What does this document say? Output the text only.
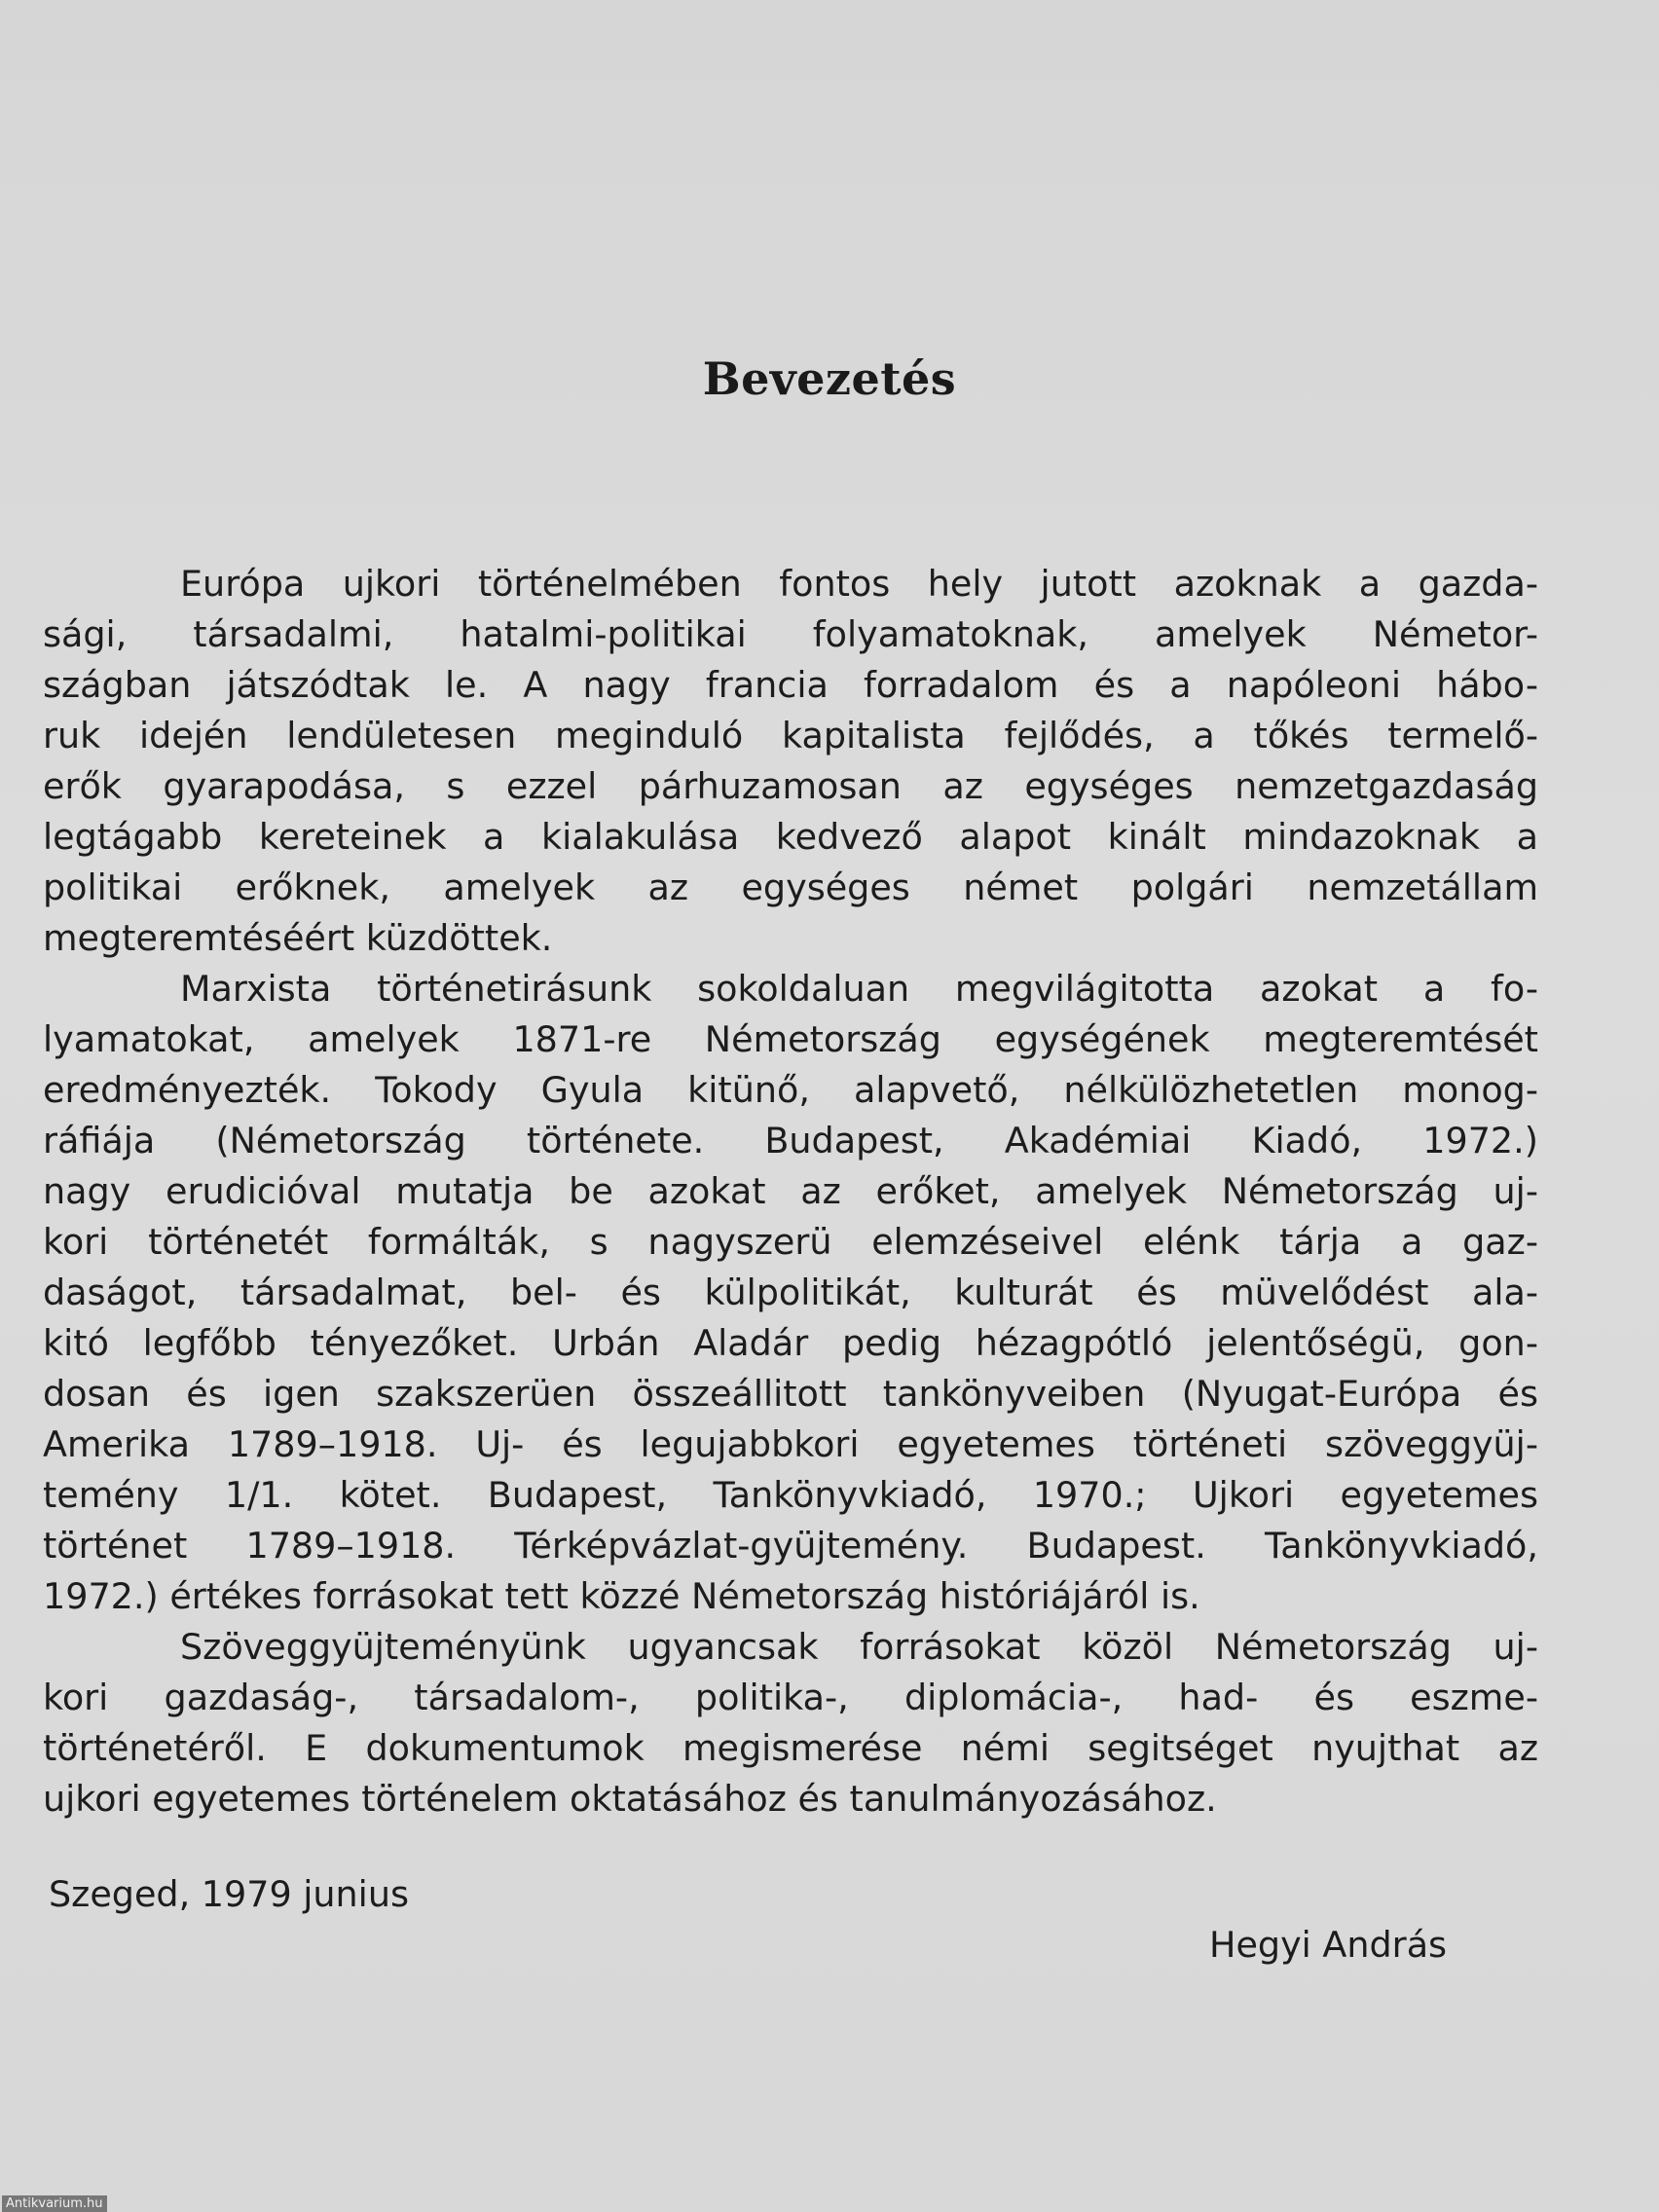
Bevezetés
Európa ujkori történelmében fontos hely jutott azoknak a gazda-
sági, társadalmi, hatalmi-politikai folyamatoknak, amelyek Németor-
szágban játszódtak le. A nagy francia forradalom és a napóleoni hábo-
ruk idején lendületesen meginduló kapitalista fejlődés, a tőkés termelő-
erők gyarapodása, s ezzel párhuzamosan az egységes nemzetgazdaság
legtágabb kereteinek a kialakulása kedvező alapot kinált mindazoknak a
politikai erőknek, amelyek az egységes német polgári nemzetállam
megteremtéséért küzdöttek.
Marxista történetirásunk sokoldaluan megvilágitotta azokat a fo-
lyamatokat, amelyek 1871-re Németország egységének megteremtését
eredményezték. Tokody Gyula kitünő, alapvető, nélkülözhetetlen monog-
ráfiája (Németország története. Budapest, Akadémiai Kiadó, 1972.)
nagy erudicióval mutatja be azokat az erőket, amelyek Németország uj-
kori történetét formálták, s nagyszerü elemzéseivel elénk tárja a gaz-
daságot, társadalmat, bel- és külpolitikát, kulturát és müvelődést ala-
kitó legfőbb tényezőket. Urbán Aladár pedig hézagpótló jelentőségü, gon-
dosan és igen szakszerüen összeállitott tankönyveiben (Nyugat-Európa és
Amerika 1789–1918. Uj- és legujabbkori egyetemes történeti szöveggyüj-
temény 1/1. kötet. Budapest, Tankönyvkiadó, 1970.; Ujkori egyetemes
történet 1789–1918. Térképvázlat-gyüjtemény. Budapest. Tankönyvkiadó,
1972.) értékes forrásokat tett közzé Németország históriájáról is.
Szöveggyüjteményünk ugyancsak forrásokat közöl Németország uj-
kori gazdaság-, társadalom-, politika-, diplomácia-, had- és eszme-
történetéről. E dokumentumok megismerése némi segitséget nyujthat az
ujkori egyetemes történelem oktatásához és tanulmányozásához.
Szeged, 1979 junius
Hegyi András
Antikvarium.hu
